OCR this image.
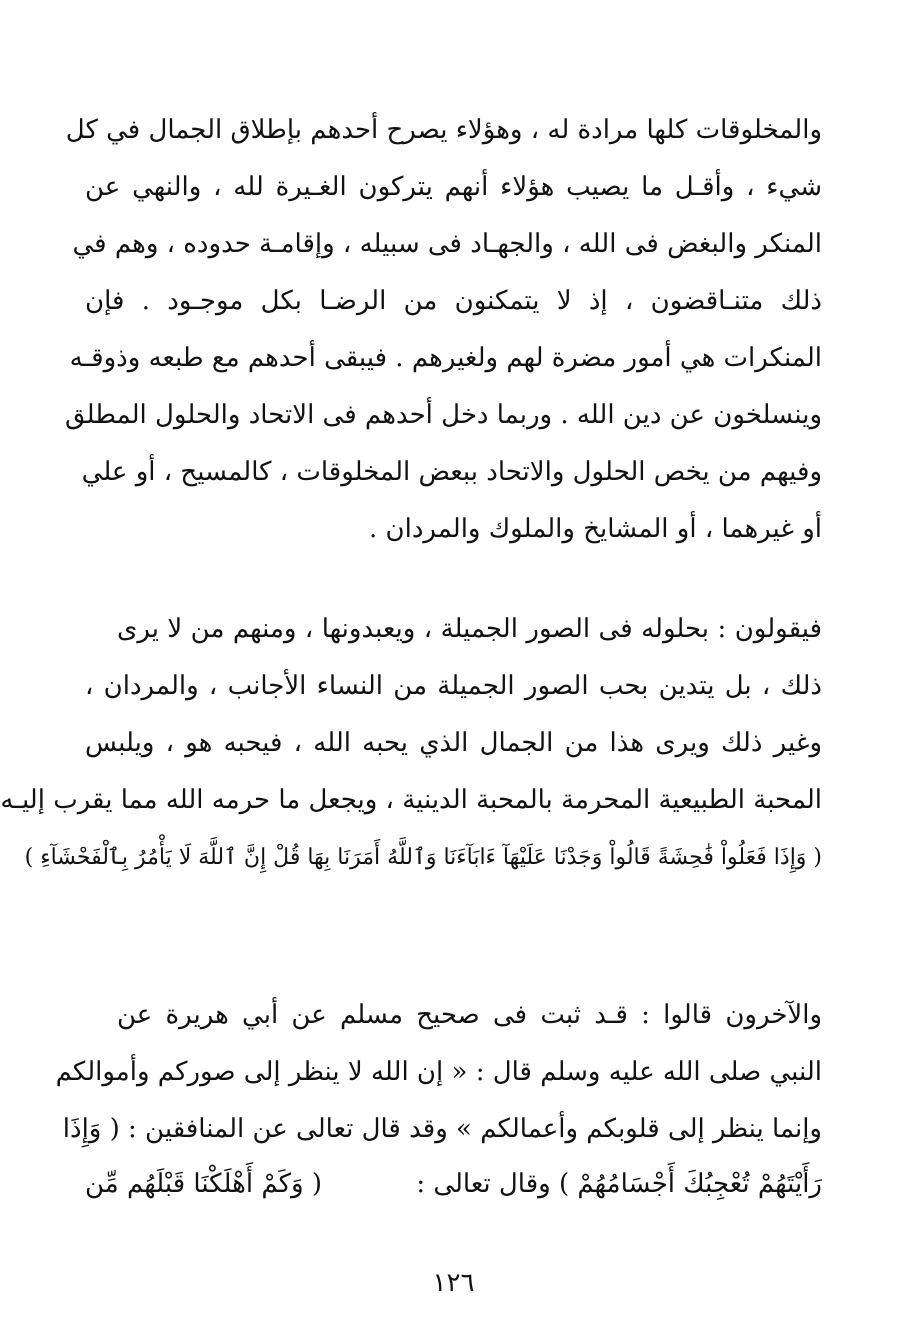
والمخلوقات كلها مرادة له ، وهؤلاء يصرح أحدهم بإطلاق الجمال في كل
شيء ، وأقـل ما يصيب هؤلاء أنهم يتركون الغـيرة لله ، والنهي عن
المنكر والبغض فى الله ، والجهـاد فى سبيله ، وإقامـة حدوده ، وهم في
ذلك متنـاقضون ، إذ لا يتمكنون من الرضـا بكل موجـود . فإن
المنكرات هي أمور مضرة لهم ولغيرهم . فيبقى أحدهم مع طبعه وذوقـه
وينسلخون عن دين الله . وربما دخل أحدهم فى الاتحاد والحلول المطلق
وفيهم من يخص الحلول والاتحاد ببعض المخلوقات ، كالمسيح ، أو علي
أو غيرهما ، أو المشايخ والملوك والمردان .
فيقولون : بحلوله فى الصور الجميلة ، ويعبدونها ، ومنهم من لا يرى
ذلك ، بل يتدين بحب الصور الجميلة من النساء الأجانب ، والمردان ،
وغير ذلك ويرى هذا من الجمال الذي يحبه الله ، فيحبه هو ، ويلبس
المحبة الطبيعية المحرمة بالمحبة الدينية ، ويجعل ما حرمه الله مما يقرب إليـه
( وَإِذَا فَعَلُواْ فَٰحِشَةً قَالُواْ وَجَدْنَا عَلَيْهَآ ءَابَآءَنَا وَٱللَّهُ أَمَرَنَا بِهَا قُلْ إِنَّ ٱللَّهَ لَا يَأْمُرُ بِٱلْفَحْشَآءِ )
والآخرون قالوا : قـد ثبت فى صحيح مسلم عن أبي هريرة عن
النبي صلى الله عليه وسلم قال : « إن الله لا ينظر إلى صوركم وأموالكم
وإنما ينظر إلى قلوبكم وأعمالكم » وقد قال تعالى عن المنافقين : ( وَإِذَا
رَأَيْتَهُمْ تُعْجِبُكَ أَجْسَامُهُمْ ) وقال تعالى :
( وَكَمْ أَهْلَكْنَا قَبْلَهُم مِّن
١٢٦
